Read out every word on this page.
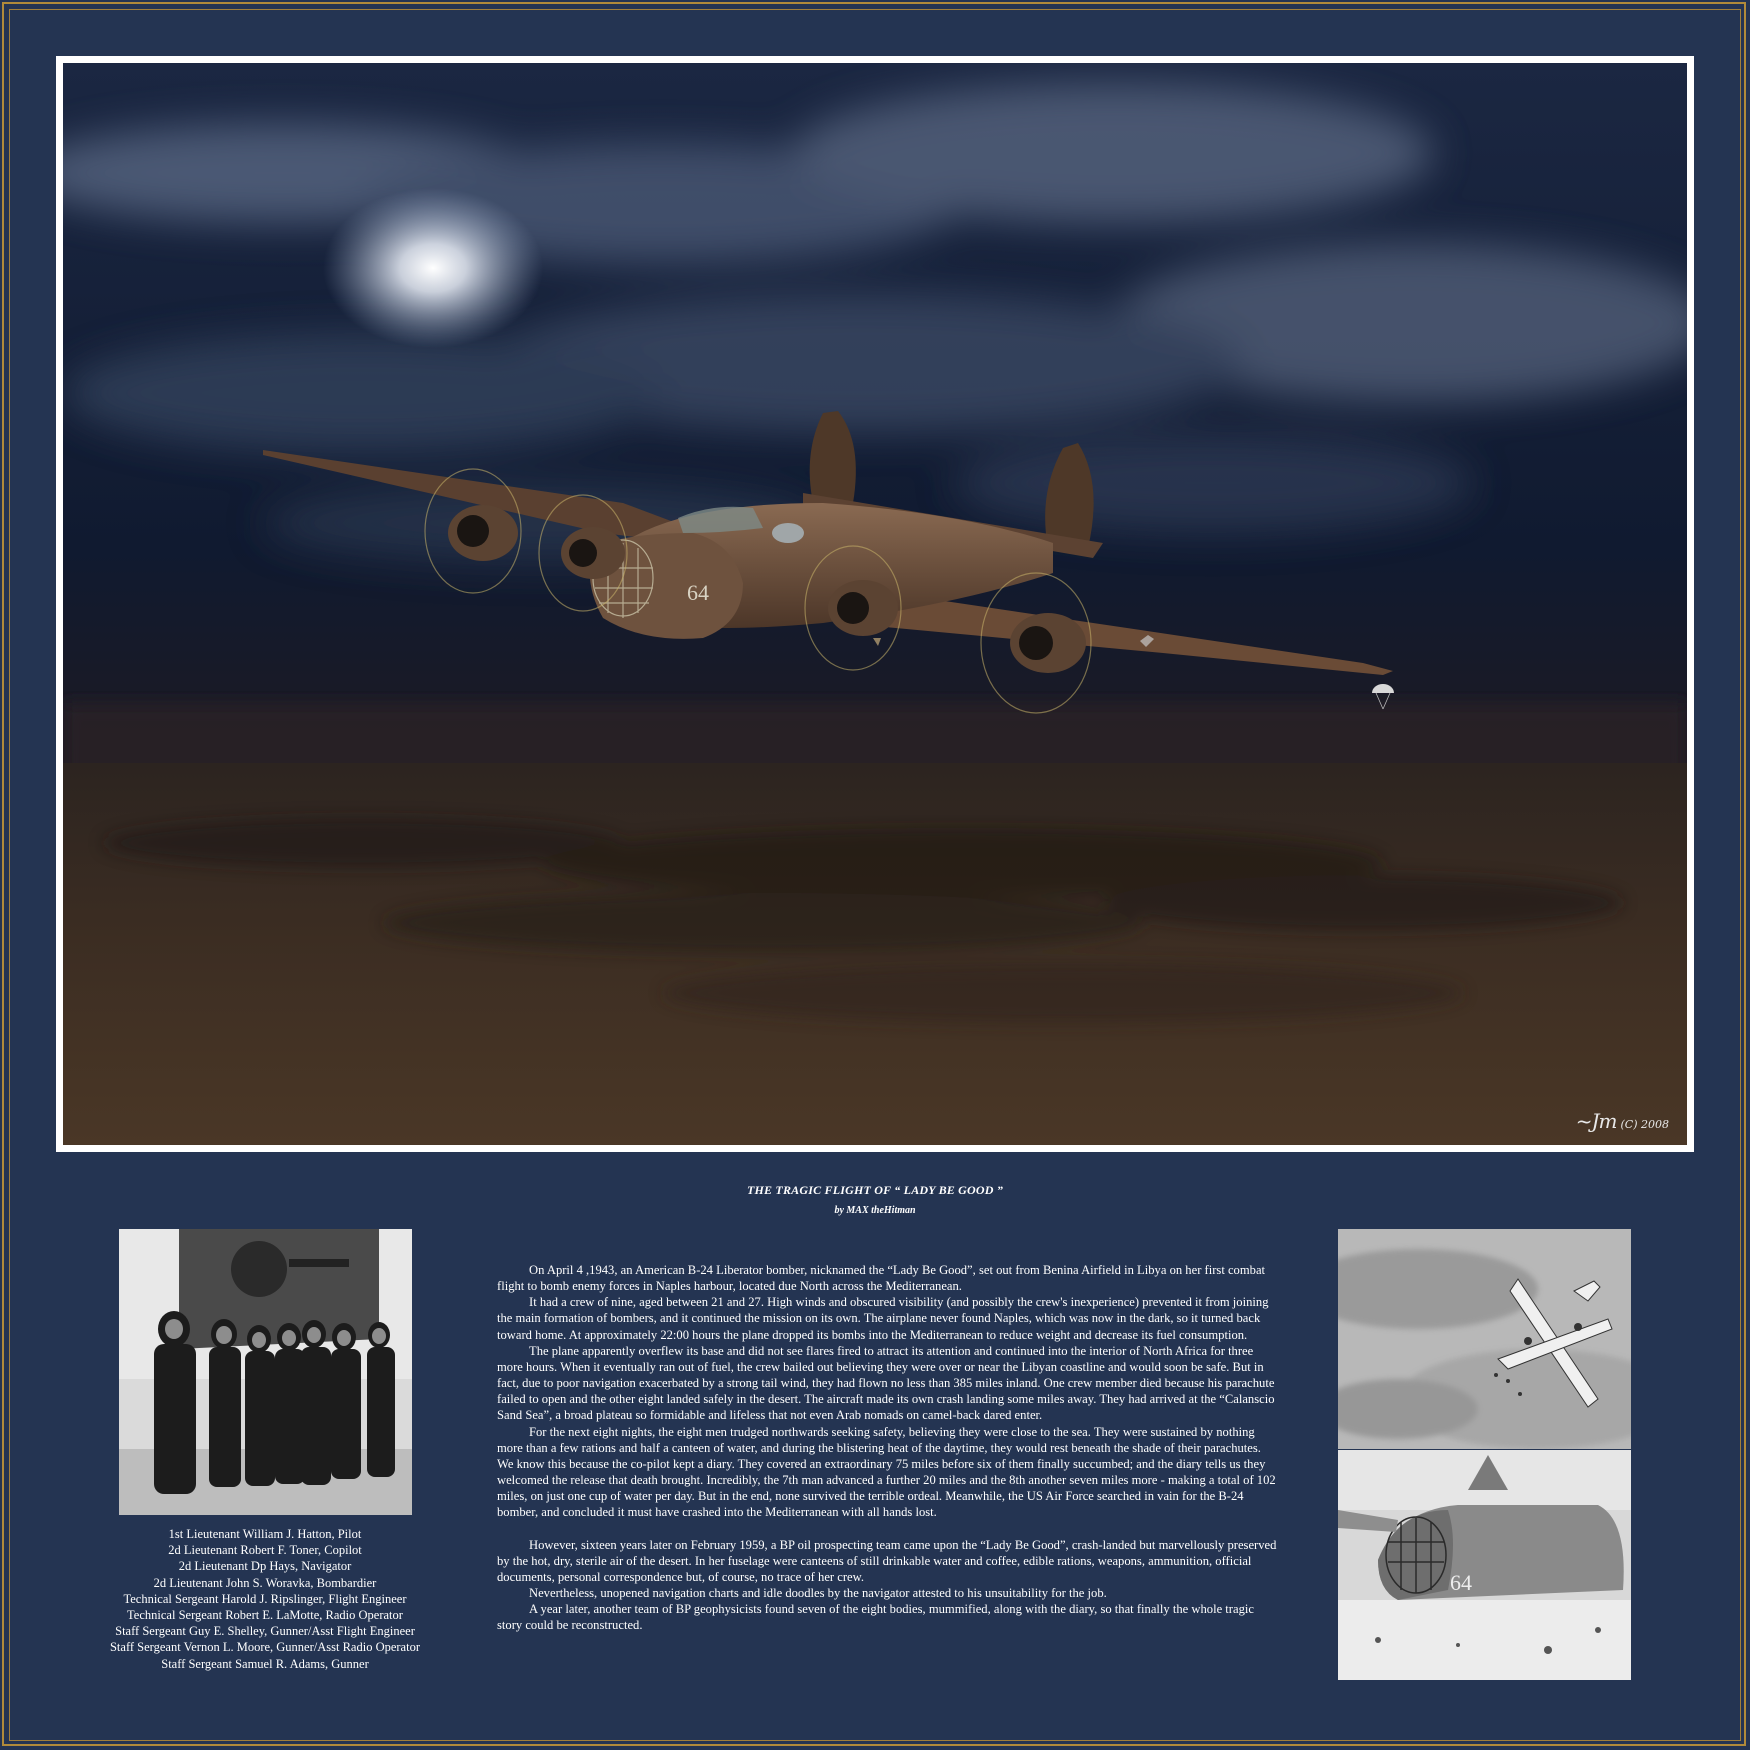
64
~Jm (C) 2008
THE TRAGIC FLIGHT OF “ LADY BE GOOD ”
by MAX theHitman
1st Lieutenant William J. Hatton, Pilot
2d Lieutenant Robert F. Toner, Copilot
2d Lieutenant Dp Hays, Navigator
2d Lieutenant John S. Woravka, Bombardier
Technical Sergeant Harold J. Ripslinger, Flight Engineer
Technical Sergeant Robert E. LaMotte, Radio Operator
Staff Sergeant Guy E. Shelley, Gunner/Asst Flight Engineer
Staff Sergeant Vernon L. Moore, Gunner/Asst Radio Operator
Staff Sergeant Samuel R. Adams, Gunner

On April 4 ,1943, an American B-24 Liberator bomber, nicknamed the “Lady Be Good”, set out from Benina Airfield in Libya on her first combat flight to bomb enemy forces in Naples harbour, located due North across the Mediterranean.

It had a crew of nine, aged between 21 and 27. High winds and obscured visibility (and possibly the crew's inexperience) prevented it from joining the main formation of bombers, and it continued the mission on its own. The airplane never found Naples, which was now in the dark, so it turned back toward home. At approximately 22:00 hours the plane dropped its bombs into the Mediterranean to reduce weight and decrease its fuel consumption.

The plane apparently overflew its base and did not see flares fired to attract its attention and continued into the interior of North Africa for three more hours. When it eventually ran out of fuel, the crew bailed out believing they were over or near the Libyan coastline and would soon be safe. But in fact, due to poor navigation exacerbated by a strong tail wind, they had flown no less than 385 miles inland. One crew member died because his parachute failed to open and the other eight landed safely in the desert. The aircraft made its own crash landing some miles away. They had arrived at the “Calanscio Sand Sea”, a broad plateau so formidable and lifeless that not even Arab nomads on camel-back dared enter.

For the next eight nights, the eight men trudged northwards seeking safety, believing they were close to the sea. They were sustained by nothing more than a few rations and half a canteen of water, and during the blistering heat of the daytime, they would rest beneath the shade of their parachutes. We know this because the co-pilot kept a diary. They covered an extraordinary 75 miles before six of them finally succumbed; and the diary tells us they welcomed the release that death brought. Incredibly, the 7th man advanced a further 20 miles and the 8th another seven miles more - making a total of 102 miles, on just one cup of water per day. But in the end, none survived the terrible ordeal. Meanwhile, the US Air Force searched in vain for the B-24 bomber, and concluded it must have crashed into the Mediterranean with all hands lost.

However, sixteen years later on February 1959, a BP oil prospecting team came upon the “Lady Be Good”, crash-landed but marvellously preserved by the hot, dry, sterile air of the desert. In her fuselage were canteens of still drinkable water and coffee, edible rations, weapons, ammunition, official documents, personal correspondence but, of course, no trace of her crew.

Nevertheless, unopened navigation charts and idle doodles by the navigator attested to his unsuitability for the job.

A year later, another team of BP geophysicists found seven of the eight bodies, mummified, along with the diary, so that finally the whole tragic story could be reconstructed.

64
